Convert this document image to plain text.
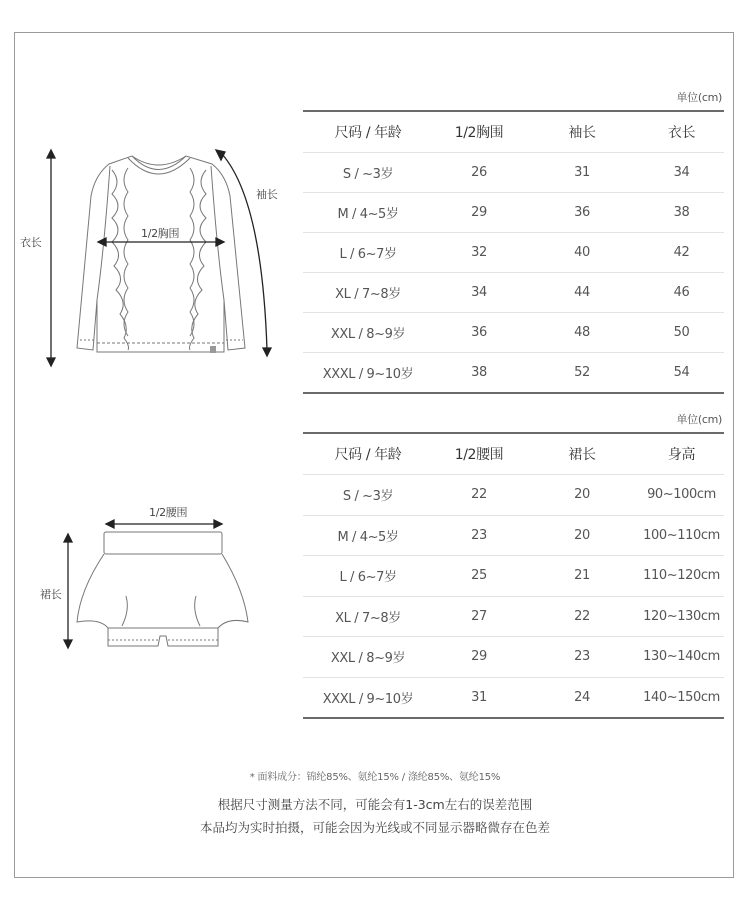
衣长
1/2胸围
袖长
1/2腰围
裙长
单位(cm)
尺码 / 年龄	1/2胸围	袖长	衣长
S / ~3岁	26	31	34
M / 4~5岁	29	36	38
L / 6~7岁	32	40	42
XL / 7~8岁	34	44	46
XXL / 8~9岁	36	48	50
XXXL / 9~10岁	38	52	54
单位(cm)
尺码 / 年龄	1/2腰围	裙长	身高
S / ~3岁	22	20	90~100cm
M / 4~5岁	23	20	100~110cm
L / 6~7岁	25	21	110~120cm
XL / 7~8岁	27	22	120~130cm
XXL / 8~9岁	29	23	130~140cm
XXXL / 9~10岁	31	24	140~150cm
* 面料成分：锦纶85%、氨纶15% / 涤纶85%、氨纶15%
根据尺寸测量方法不同，可能会有1-3cm左右的误差范围
本品均为实时拍摄，可能会因为光线或不同显示器略微存在色差
